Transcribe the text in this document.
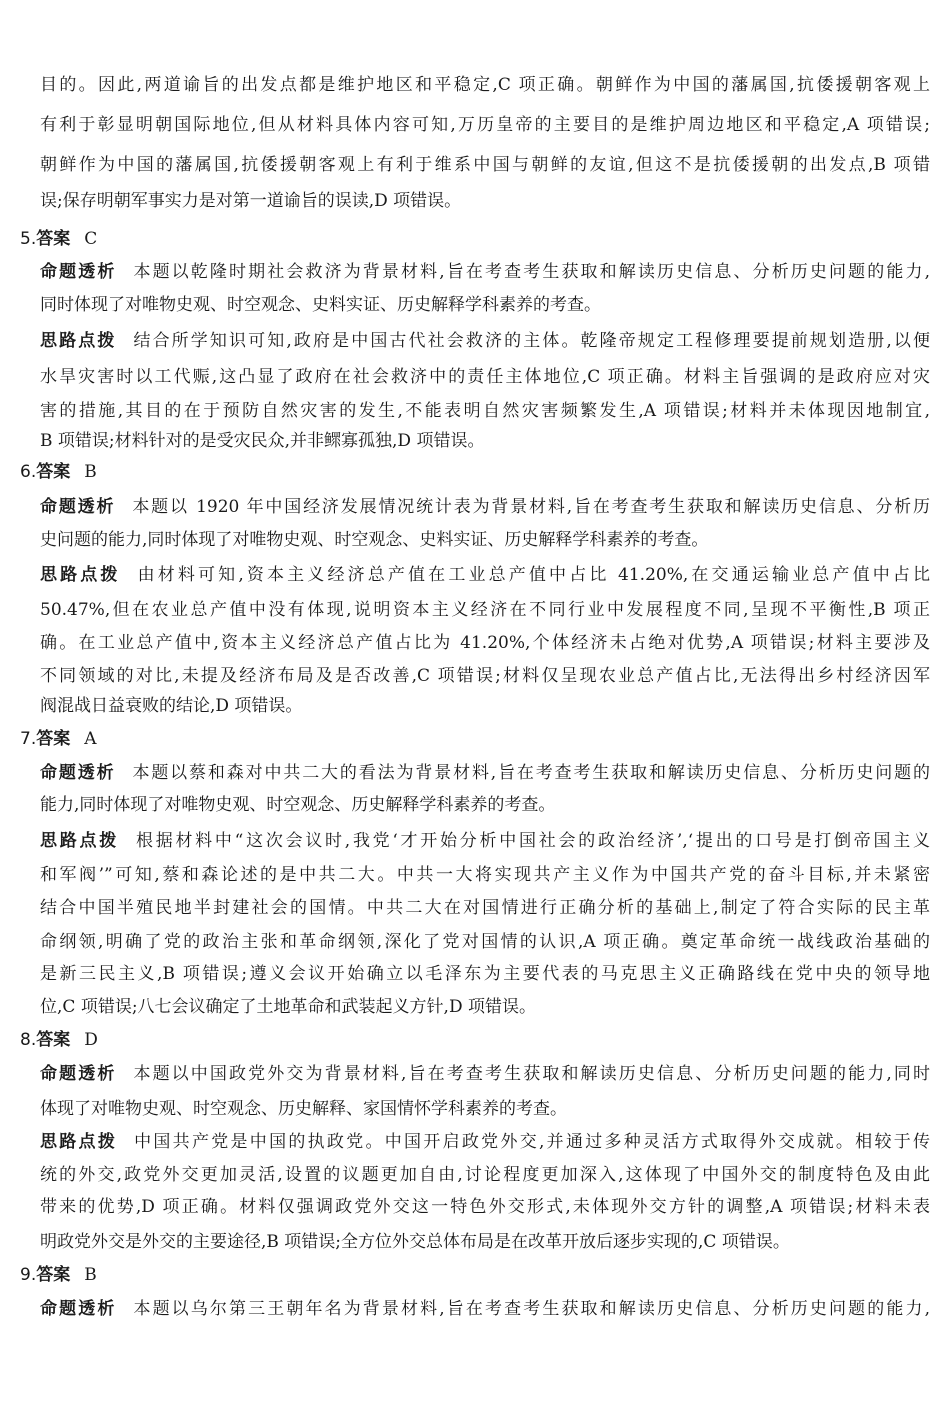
目的。因此,两道谕旨的出发点都是维护地区和平稳定,C 项正确。朝鲜作为中国的藩属国,抗倭援朝客观上
有利于彰显明朝国际地位,但从材料具体内容可知,万历皇帝的主要目的是维护周边地区和平稳定,A 项错误;
朝鲜作为中国的藩属国,抗倭援朝客观上有利于维系中国与朝鲜的友谊,但这不是抗倭援朝的出发点,B 项错
误;保存明朝军事实力是对第一道谕旨的误读,D 项错误。
5.答案 C
命题透析 本题以乾隆时期社会救济为背景材料,旨在考查考生获取和解读历史信息、分析历史问题的能力,
同时体现了对唯物史观、时空观念、史料实证、历史解释学科素养的考查。
思路点拨 结合所学知识可知,政府是中国古代社会救济的主体。乾隆帝规定工程修理要提前规划造册,以便
水旱灾害时以工代赈,这凸显了政府在社会救济中的责任主体地位,C 项正确。材料主旨强调的是政府应对灾
害的措施,其目的在于预防自然灾害的发生,不能表明自然灾害频繁发生,A 项错误;材料并未体现因地制宜,
B 项错误;材料针对的是受灾民众,并非鳏寡孤独,D 项错误。
6.答案 B
命题透析 本题以 1920 年中国经济发展情况统计表为背景材料,旨在考查考生获取和解读历史信息、分析历
史问题的能力,同时体现了对唯物史观、时空观念、史料实证、历史解释学科素养的考查。
思路点拨 由材料可知,资本主义经济总产值在工业总产值中占比 41.20%,在交通运输业总产值中占比
50.47%,但在农业总产值中没有体现,说明资本主义经济在不同行业中发展程度不同,呈现不平衡性,B 项正
确。在工业总产值中,资本主义经济总产值占比为 41.20%,个体经济未占绝对优势,A 项错误;材料主要涉及
不同领域的对比,未提及经济布局及是否改善,C 项错误;材料仅呈现农业总产值占比,无法得出乡村经济因军
阀混战日益衰败的结论,D 项错误。
7.答案 A
命题透析 本题以蔡和森对中共二大的看法为背景材料,旨在考查考生获取和解读历史信息、分析历史问题的
能力,同时体现了对唯物史观、时空观念、历史解释学科素养的考查。
思路点拨 根据材料中“这次会议时,我党‘才开始分析中国社会的政治经济’,‘提出的口号是打倒帝国主义
和军阀’”可知,蔡和森论述的是中共二大。中共一大将实现共产主义作为中国共产党的奋斗目标,并未紧密
结合中国半殖民地半封建社会的国情。中共二大在对国情进行正确分析的基础上,制定了符合实际的民主革
命纲领,明确了党的政治主张和革命纲领,深化了党对国情的认识,A 项正确。奠定革命统一战线政治基础的
是新三民主义,B 项错误;遵义会议开始确立以毛泽东为主要代表的马克思主义正确路线在党中央的领导地
位,C 项错误;八七会议确定了土地革命和武装起义方针,D 项错误。
8.答案 D
命题透析 本题以中国政党外交为背景材料,旨在考查考生获取和解读历史信息、分析历史问题的能力,同时
体现了对唯物史观、时空观念、历史解释、家国情怀学科素养的考查。
思路点拨 中国共产党是中国的执政党。中国开启政党外交,并通过多种灵活方式取得外交成就。相较于传
统的外交,政党外交更加灵活,设置的议题更加自由,讨论程度更加深入,这体现了中国外交的制度特色及由此
带来的优势,D 项正确。材料仅强调政党外交这一特色外交形式,未体现外交方针的调整,A 项错误;材料未表
明政党外交是外交的主要途径,B 项错误;全方位外交总体布局是在改革开放后逐步实现的,C 项错误。
9.答案 B
命题透析 本题以乌尔第三王朝年名为背景材料,旨在考查考生获取和解读历史信息、分析历史问题的能力,
